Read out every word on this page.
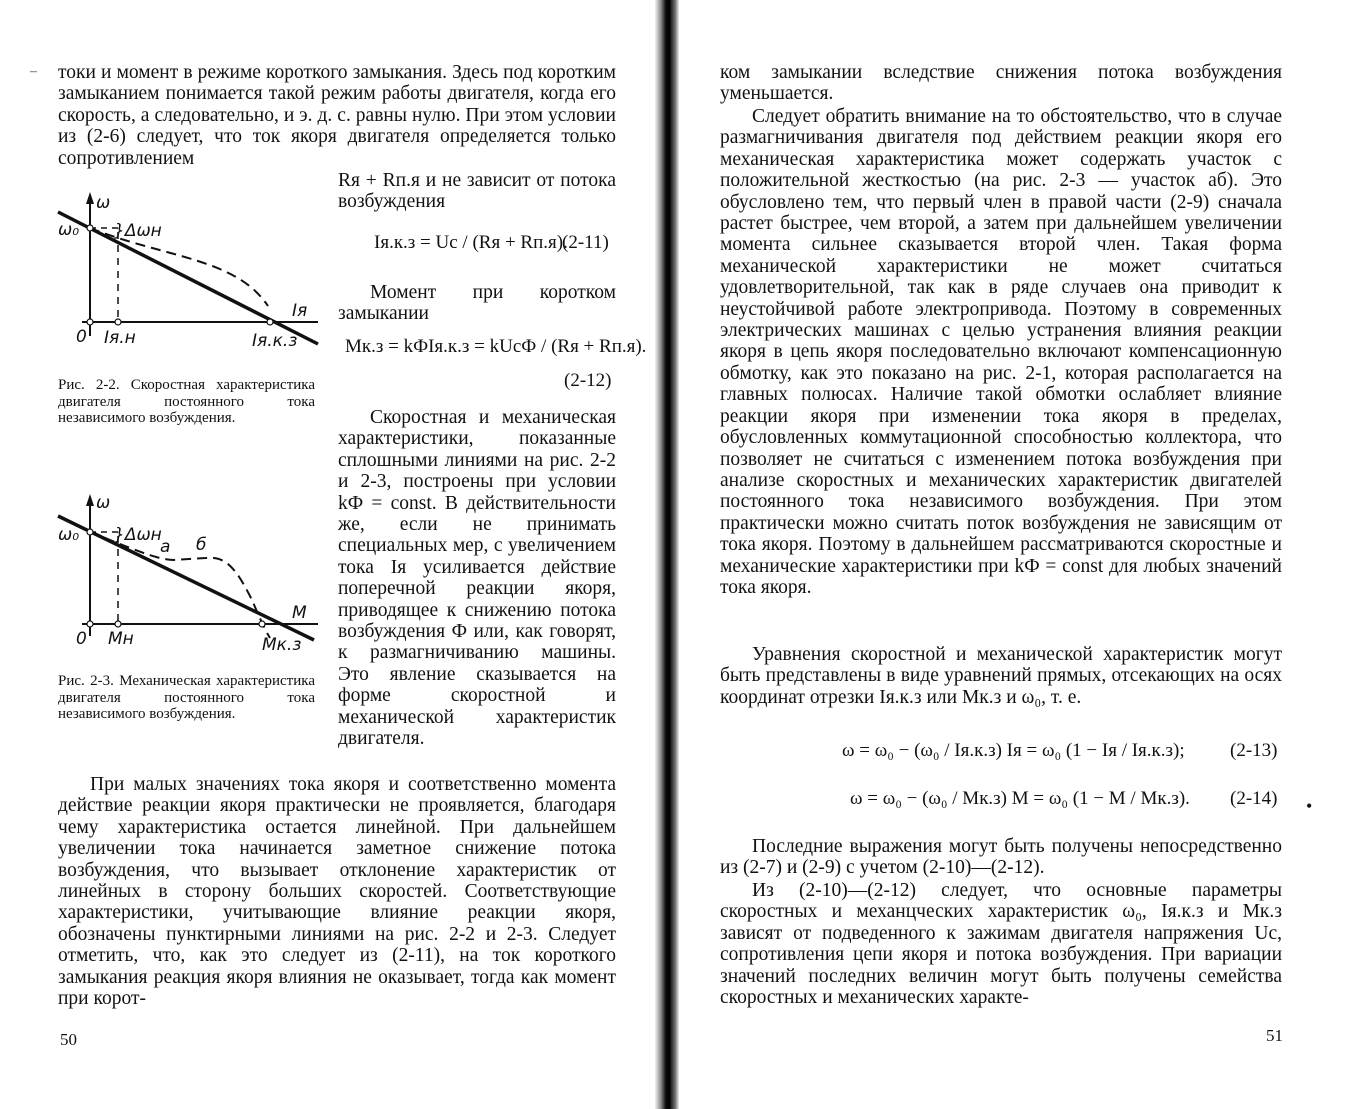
– токи и момент в режиме короткого замыкания. Здесь под коротким замыканием понимается такой режим работы двигателя, когда его скорость, а следовательно, и э. д. с. равны нулю. При этом условии из (2-6) следует, что ток якоря двигателя определяется только сопротивлением

Rя + Rп.я и не зависит от потока возбуждения

Iя.к.з = Uс / (Rя + Rп.я).
(2-11)

Момент при коротком замыкании

Mк.з = kФIя.к.з = kUсФ / (Rя + Rп.я).
(2-12)

Скоростная и механическая характеристики, показанные сплошными линиями на рис. 2-2 и 2-3, построены при условии kФ = const. В действительности же, если не принимать специальных мер, с увеличением тока Iя усиливается действие поперечной реакции якоря, приводящее к снижению потока возбуждения Ф или, как говорят, к размагничиванию машины. Это явление сказывается на форме скоростной и механической характеристик двигателя.

ω
ω₀ }Δωн
0 Iя.н	Iя.к.з
Iя
Рис. 2-2. Скоростная характеристика двигателя постоянного тока независимого возбуждения.
ω
ω₀ }Δωн
а б
0 Mн	Mк.з
M
Рис. 2-3. Механическая характеристика двигателя постоянного тока независимого возбуждения.

При малых значениях тока якоря и соответственно момента действие реакции якоря практически не проявляется, благодаря чему характеристика остается линейной. При дальнейшем увеличении тока начинается заметное снижение потока возбуждения, что вызывает отклонение характеристик от линейных в сторону больших скоростей. Соответствующие характеристики, учитывающие влияние реакции якоря, обозначены пунктирными линиями на рис. 2-2 и 2-3. Следует отметить, что, как это следует из (2-11), на ток короткого замыкания реакция якоря влияния не оказывает, тогда как момент при корот-

50

ком замыкании вследствие снижения потока возбуждения уменьшается.

Следует обратить внимание на то обстоятельство, что в случае размагничивания двигателя под действием реакции якоря его механическая характеристика может содержать участок с положительной жесткостью (на рис. 2-3 — участок аб). Это обусловлено тем, что первый член в правой части (2-9) сначала растет быстрее, чем второй, а затем при дальнейшем увеличении момента сильнее сказывается второй член. Такая форма механической характеристики не может считаться удовлетворительной, так как в ряде случаев она приводит к неустойчивой работе электропривода. Поэтому в современных электрических машинах с целью устранения влияния реакции якоря в цепь якоря последовательно включают компенсационную обмотку, как это показано на рис. 2-1, которая располагается на главных полюсах. Наличие такой обмотки ослабляет влияние реакции якоря при изменении тока якоря в пределах, обусловленных коммутационной способностью коллектора, что позволяет не считаться с изменением потока возбуждения при анализе скоростных и механических характеристик двигателей постоянного тока независимого возбуждения. При этом практически можно считать поток возбуждения не зависящим от тока якоря. Поэтому в дальнейшем рассматриваются скоростные и механические характеристики при kФ = const для любых значений тока якоря.

Уравнения скоростной и механической характеристик могут быть представлены в виде уравнений прямых, отсекающих на осях координат отрезки Iя.к.з или Mк.з и ω₀, т. е.

ω = ω₀ − (ω₀ / Iя.к.з) Iя = ω₀ (1 − Iя / Iя.к.з); (2-13)
ω = ω₀ − (ω₀ / Mк.з) M = ω₀ (1 − M / Mк.з). (2-14)

Последние выражения могут быть получены непосредственно из (2-7) и (2-9) с учетом (2-10)—(2-12).

Из (2-10)—(2-12) следует, что основные параметры скоростных и механцческих характеристик ω₀, Iя.к.з и Mк.з зависят от подведенного к зажимам двигателя напряжения Uс, сопротивления цепи якоря и потока возбуждения. При вариации значений последних величин могут быть получены семейства скоростных и механических характе-

51
•
